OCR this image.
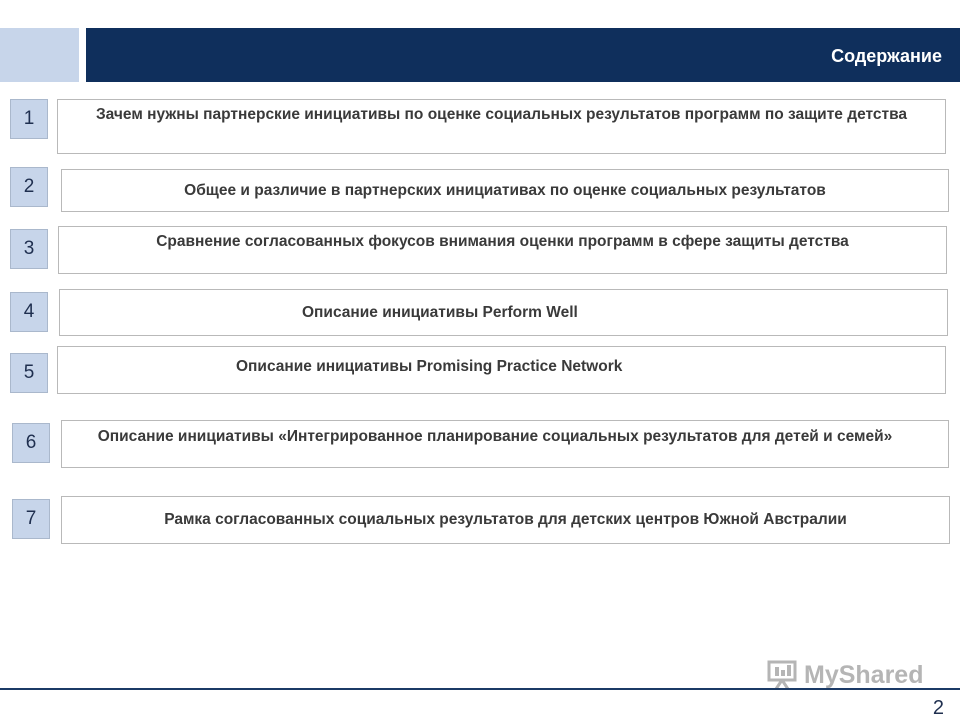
Содержание
1	Зачем нужны партнерские инициативы по оценке социальных результатов программ по защите детства
2	Общее и различие в партнерских инициативах по оценке социальных результатов
3	Сравнение согласованных фокусов внимания оценки программ в сфере защиты детства
4	Описание инициативы Perform Well
5	Описание инициативы Promising Practice Network
6	Описание инициативы «Интегрированное планирование социальных результатов для детей и семей»
7	Рамка согласованных социальных результатов для детских центров Южной Австралии
MyShared
2
